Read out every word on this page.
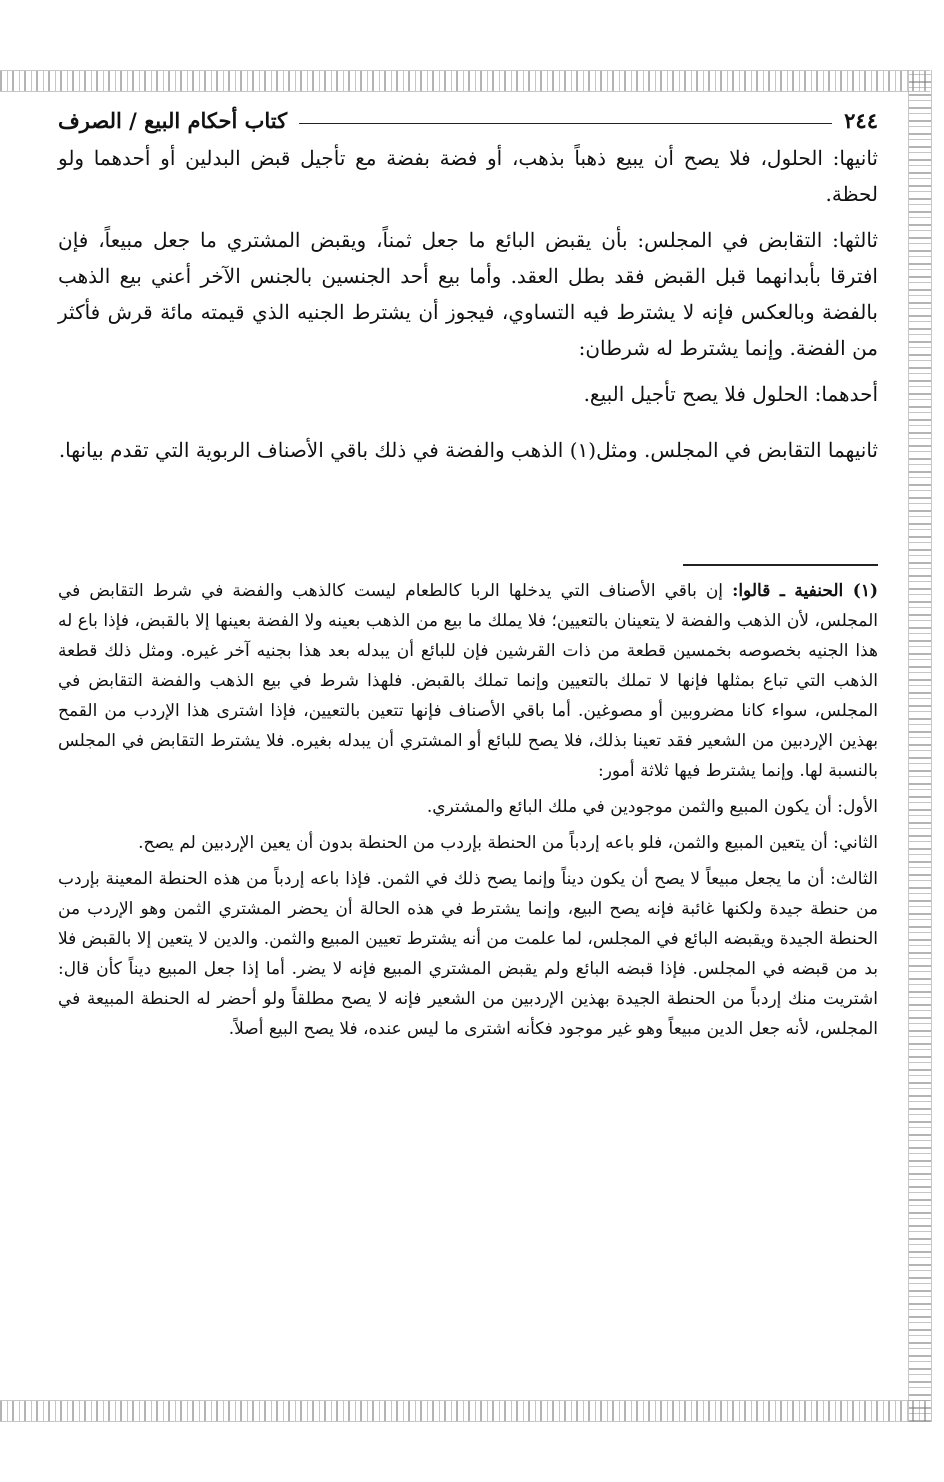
٢٤٤
كتاب أحكام البيع / الصرف

ثانيها: الحلول، فلا يصح أن يبيع ذهباً بذهب، أو فضة بفضة مع تأجيل قبض البدلين أو أحدهما ولو لحظة.

ثالثها: التقابض في المجلس: بأن يقبض البائع ما جعل ثمناً، ويقبض المشتري ما جعل مبيعاً، فإن افترقا بأبدانهما قبل القبض فقد بطل العقد. وأما بيع أحد الجنسين بالجنس الآخر أعني بيع الذهب بالفضة وبالعكس فإنه لا يشترط فيه التساوي، فيجوز أن يشترط الجنيه الذي قيمته مائة قرش فأكثر من الفضة. وإنما يشترط له شرطان:

أحدهما: الحلول فلا يصح تأجيل البيع.

ثانيهما التقابض في المجلس. ومثل(١) الذهب والفضة في ذلك باقي الأصناف الربوية التي تقدم بيانها.

(١) الحنفية ـ قالوا: إن باقي الأصناف التي يدخلها الربا كالطعام ليست كالذهب والفضة في شرط التقابض في المجلس، لأن الذهب والفضة لا يتعينان بالتعيين؛ فلا يملك ما بيع من الذهب بعينه ولا الفضة بعينها إلا بالقبض، فإذا باع له هذا الجنيه بخصوصه بخمسين قطعة من ذات القرشين فإن للبائع أن يبدله بعد هذا بجنيه آخر غيره. ومثل ذلك قطعة الذهب التي تباع بمثلها فإنها لا تملك بالتعيين وإنما تملك بالقبض. فلهذا شرط في بيع الذهب والفضة التقابض في المجلس، سواء كانا مضروبين أو مصوغين. أما باقي الأصناف فإنها تتعين بالتعيين، فإذا اشترى هذا الإردب من القمح بهذين الإردبين من الشعير فقد تعينا بذلك، فلا يصح للبائع أو المشتري أن يبدله بغيره. فلا يشترط التقابض في المجلس بالنسبة لها. وإنما يشترط فيها ثلاثة أمور:

الأول: أن يكون المبيع والثمن موجودين في ملك البائع والمشتري.

الثاني: أن يتعين المبيع والثمن، فلو باعه إردباً من الحنطة بإردب من الحنطة بدون أن يعين الإردبين لم يصح.

الثالث: أن ما يجعل مبيعاً لا يصح أن يكون ديناً وإنما يصح ذلك في الثمن. فإذا باعه إردباً من هذه الحنطة المعينة بإردب من حنطة جيدة ولكنها غائبة فإنه يصح البيع، وإنما يشترط في هذه الحالة أن يحضر المشتري الثمن وهو الإردب من الحنطة الجيدة ويقبضه البائع في المجلس، لما علمت من أنه يشترط تعيين المبيع والثمن. والدين لا يتعين إلا بالقبض فلا بد من قبضه في المجلس. فإذا قبضه البائع ولم يقبض المشتري المبيع فإنه لا يضر. أما إذا جعل المبيع ديناً كأن قال: اشتريت منك إردباً من الحنطة الجيدة بهذين الإردبين من الشعير فإنه لا يصح مطلقاً ولو أحضر له الحنطة المبيعة في المجلس، لأنه جعل الدين مبيعاً وهو غير موجود فكأنه اشترى ما ليس عنده، فلا يصح البيع أصلاً.
